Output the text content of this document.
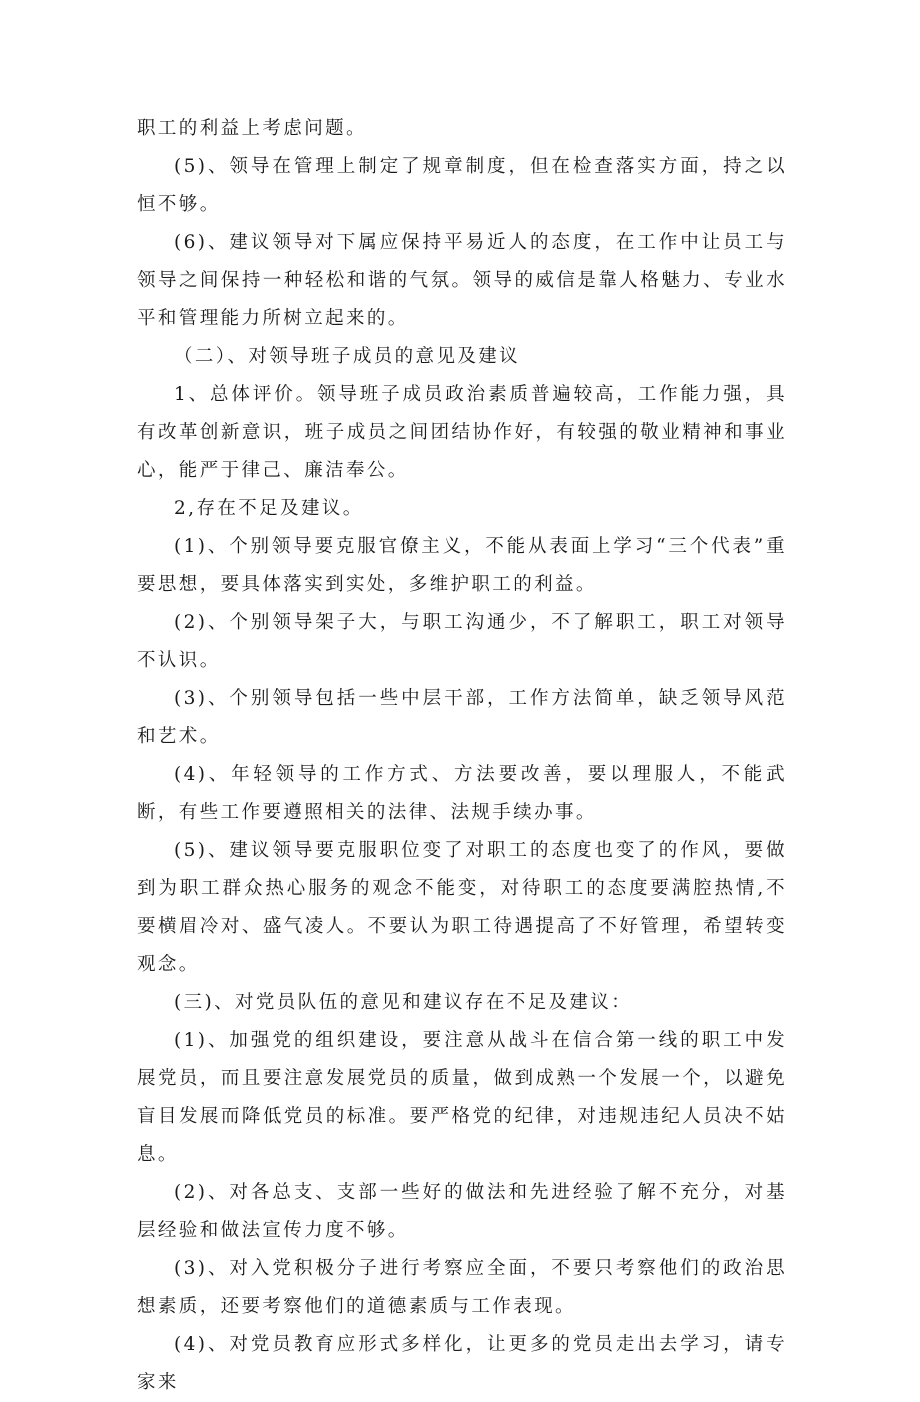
职工的利益上考虑问题。

(5)、领导在管理上制定了规章制度，但在检查落实方面，持之以恒不够。

(6)、建议领导对下属应保持平易近人的态度，在工作中让员工与领导之间保持一种轻松和谐的气氛。领导的威信是靠人格魅力、专业水平和管理能力所树立起来的。

（二）、对领导班子成员的意见及建议

1、总体评价。领导班子成员政治素质普遍较高，工作能力强，具有改革创新意识，班子成员之间团结协作好，有较强的敬业精神和事业心，能严于律己、廉洁奉公。

2,存在不足及建议。

(1)、个别领导要克服官僚主义，不能从表面上学习“三个代表”重要思想，要具体落实到实处，多维护职工的利益。

(2)、个别领导架子大，与职工沟通少，不了解职工，职工对领导不认识。

(3)、个别领导包括一些中层干部，工作方法简单，缺乏领导风范和艺术。

(4)、年轻领导的工作方式、方法要改善，要以理服人，不能武断，有些工作要遵照相关的法律、法规手续办事。

(5)、建议领导要克服职位变了对职工的态度也变了的作风，要做到为职工群众热心服务的观念不能变，对待职工的态度要满腔热情,不要横眉冷对、盛气凌人。不要认为职工待遇提高了不好管理，希望转变观念。

(三)、对党员队伍的意见和建议存在不足及建议：

(1)、加强党的组织建设，要注意从战斗在信合第一线的职工中发展党员，而且要注意发展党员的质量，做到成熟一个发展一个，以避免盲目发展而降低党员的标准。要严格党的纪律，对违规违纪人员决不姑息。

(2)、对各总支、支部一些好的做法和先进经验了解不充分，对基层经验和做法宣传力度不够。

(3)、对入党积极分子进行考察应全面，不要只考察他们的政治思想素质，还要考察他们的道德素质与工作表现。

(4)、对党员教育应形式多样化，让更多的党员走出去学习，请专家来
